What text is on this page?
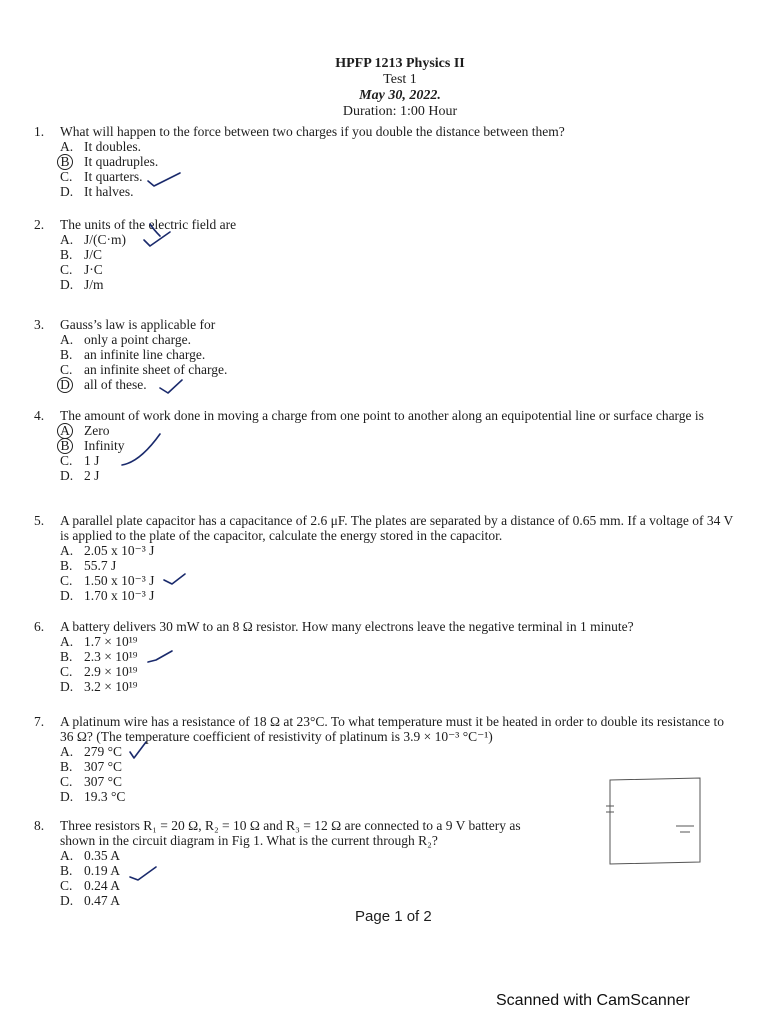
HPFP 1213 Physics II
Test 1
May 30, 2022.
Duration: 1:00 Hour
1.	What will happen to the force between two charges if you double the distance between them?
A. It doubles.
B	It quadruples.
C. It quarters.
D. It halves.
2.	The units of the electric field are
A. J/(C·m)
B. J/C
C. J·C
D. J/m
3.	Gauss’s law is applicable for
A. only a point charge.
B. an infinite line charge.
C. an infinite sheet of charge.
D	all of these.
4.	The amount of work done in moving a charge from one point to another along an equipotential line or surface charge is
A	Zero
B	Infinity
C. 1 J
D. 2 J
5.	A parallel plate capacitor has a capacitance of 2.6 μF. The plates are separated by a distance of 0.65 mm. If a voltage of 34 V is applied to the plate of the capacitor, calculate the energy stored in the capacitor.
A. 2.05 x 10⁻³ J
B. 55.7 J
C. 1.50 x 10⁻³ J
D. 1.70 x 10⁻³ J
6.	A battery delivers 30 mW to an 8 Ω resistor. How many electrons leave the negative terminal in 1 minute?
A. 1.7 × 10¹⁹
B. 2.3 × 10¹⁹
C. 2.9 × 10¹⁹
D. 3.2 × 10¹⁹
7.	A platinum wire has a resistance of 18 Ω at 23°C. To what temperature must it be heated in order to double its resistance to 36 Ω? (The temperature coefficient of resistivity of platinum is 3.9 × 10⁻³ °C⁻¹)
A. 279 °C
B. 307 °C
C. 307 °C
D. 19.3 °C
8.	Three resistors R₁ = 20 Ω, R₂ = 10 Ω and R₃ = 12 Ω are connected to a 9 V battery as shown in the circuit diagram in Fig 1. What is the current through R₂?
A. 0.35 A
B. 0.19 A
C. 0.24 A
D. 0.47 A
Page 1 of 2
Scanned with CamScanner
